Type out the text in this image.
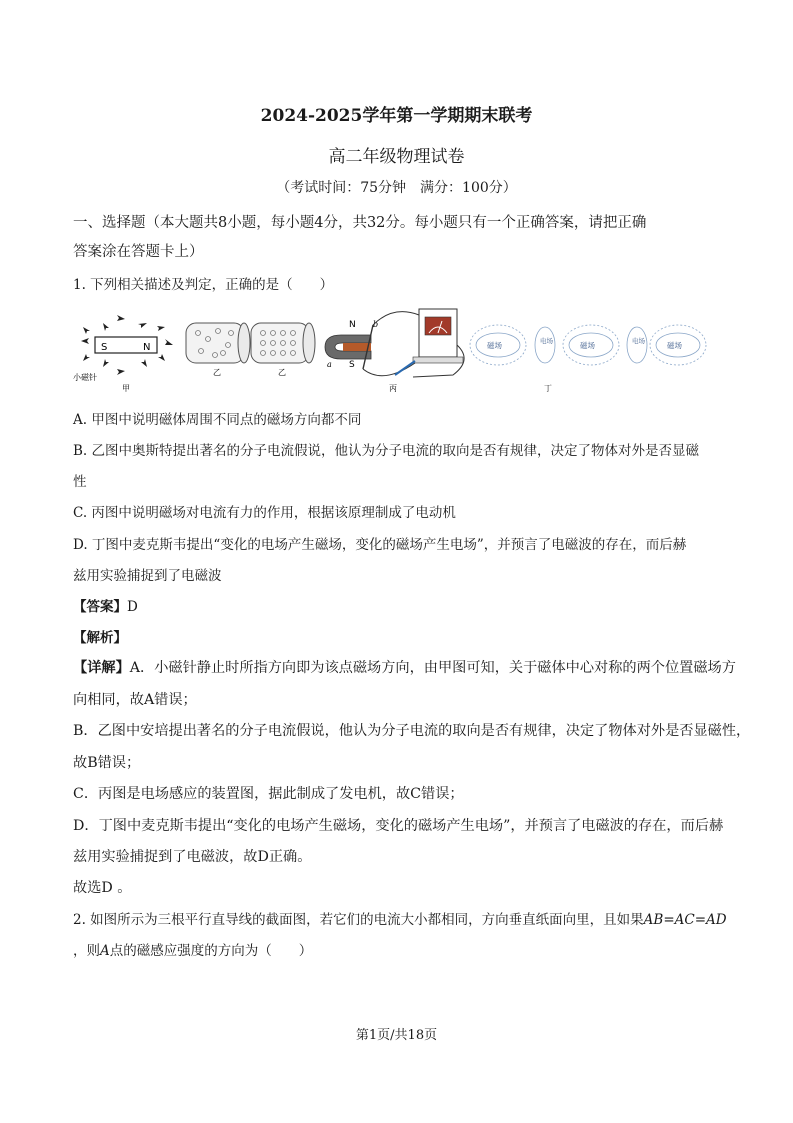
2024-2025学年第一学期期末联考
高二年级物理试卷
（考试时间：75分钟　满分：100分）
一、选择题（本大题共8小题，每小题4分，共32分。每小题只有一个正确答案，请把正确
答案涂在答题卡上）
1. 下列相关描述及判定，正确的是（　　）
S	N
小磁针
甲
乙	乙
N
S
a
b
丙
磁场	电场	磁场	电场	磁场
丁
A. 甲图中说明磁体周围不同点的磁场方向都不同
B. 乙图中奥斯特提出著名的分子电流假说，他认为分子电流的取向是否有规律，决定了物体对外是否显磁
性
C. 丙图中说明磁场对电流有力的作用，根据该原理制成了电动机
D. 丁图中麦克斯韦提出“变化的电场产生磁场，变化的磁场产生电场”，并预言了电磁波的存在，而后赫
兹用实验捕捉到了电磁波
【答案】D
【解析】
【详解】A．小磁针静止时所指方向即为该点磁场方向，由甲图可知，关于磁体中心对称的两个位置磁场方
向相同，故A错误；
B．乙图中安培提出著名的分子电流假说，他认为分子电流的取向是否有规律，决定了物体对外是否显磁性，
故B错误；
C．丙图是电场感应的装置图，据此制成了发电机，故C错误；
D．丁图中麦克斯韦提出“变化的电场产生磁场，变化的磁场产生电场”，并预言了电磁波的存在，而后赫
兹用实验捕捉到了电磁波，故D正确。
故选D 。
2. 如图所示为三根平行直导线的截面图，若它们的电流大小都相同，方向垂直纸面向里，且如果AB=AC=AD
，则A点的磁感应强度的方向为（　　）
第1页/共18页
